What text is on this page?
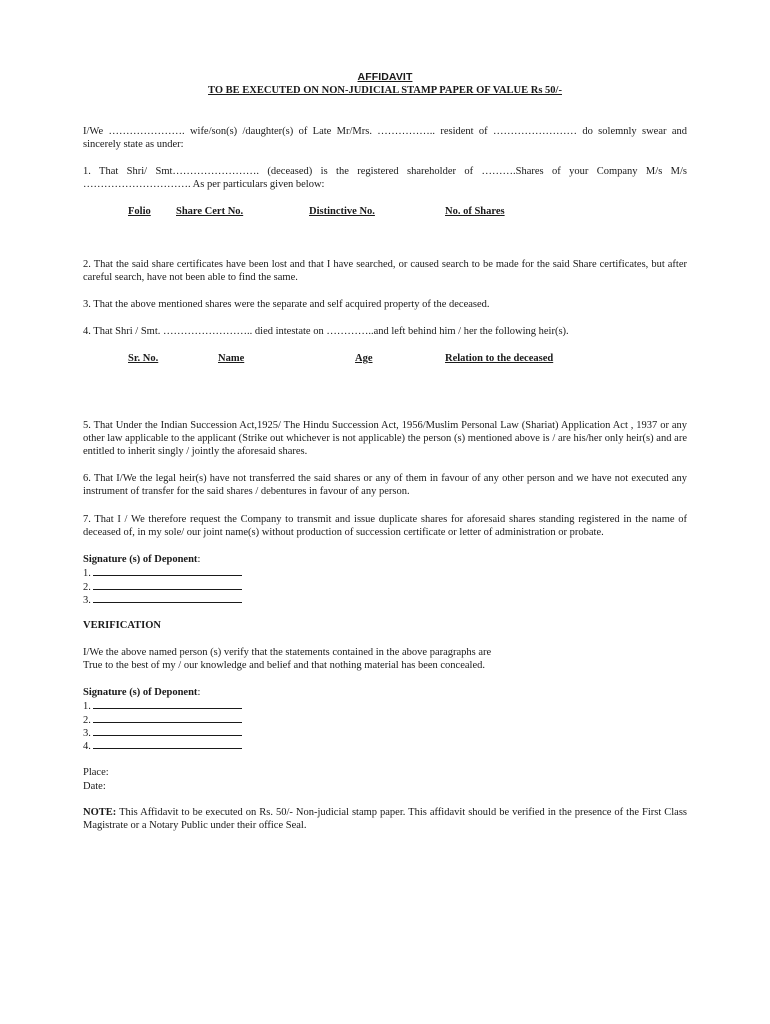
AFFIDAVIT
TO BE EXECUTED ON NON-JUDICIAL STAMP PAPER OF VALUE Rs 50/-
I/We …………………. wife/son(s) /daughter(s) of Late Mr/Mrs. …………….. resident of …………………… do solemnly swear and sincerely state as under:
1. That Shri/ Smt……………………. (deceased) is the registered shareholder of ……….Shares of your Company M/s M/s …………………………. As per particulars given below:
Folio Share Cert No.	Distinctive No.	No. of Shares
2. That the said share certificates have been lost and that I have searched, or caused search to be made for the said Share certificates, but after careful search, have not been able to find the same.
3. That the above mentioned shares were the separate and self acquired property of the deceased.
4. That Shri / Smt. …………………….. died intestate on …………..and left behind him / her the following heir(s).
Sr. No.	Name	Age	Relation to the deceased
5. That Under the Indian Succession Act,1925/ The Hindu Succession Act, 1956/Muslim Personal Law (Shariat) Application Act , 1937 or any other law applicable to the applicant (Strike out whichever is not applicable) the person (s) mentioned above is / are his/her only heir(s) and are entitled to inherit singly / jointly the aforesaid shares.
6. That I/We the legal heir(s) have not transferred the said shares or any of them in favour of any other person and we have not executed any instrument of transfer for the said shares / debentures in favour of any person.
7. That I / We therefore request the Company to transmit and issue duplicate shares for aforesaid shares standing registered in the name of deceased of, in my sole/ our joint name(s) without production of succession certificate or letter of administration or probate.
Signature (s) of Deponent:
1.
2.
3.
VERIFICATION
I/We the above named person (s) verify that the statements contained in the above paragraphs are
True to the best of my / our knowledge and belief and that nothing material has been concealed.
Signature (s) of Deponent:
1.
2.
3.
4.
Place:
Date:
NOTE: This Affidavit to be executed on Rs. 50/- Non-judicial stamp paper. This affidavit should be verified in the presence of the First Class Magistrate or a Notary Public under their office Seal.
